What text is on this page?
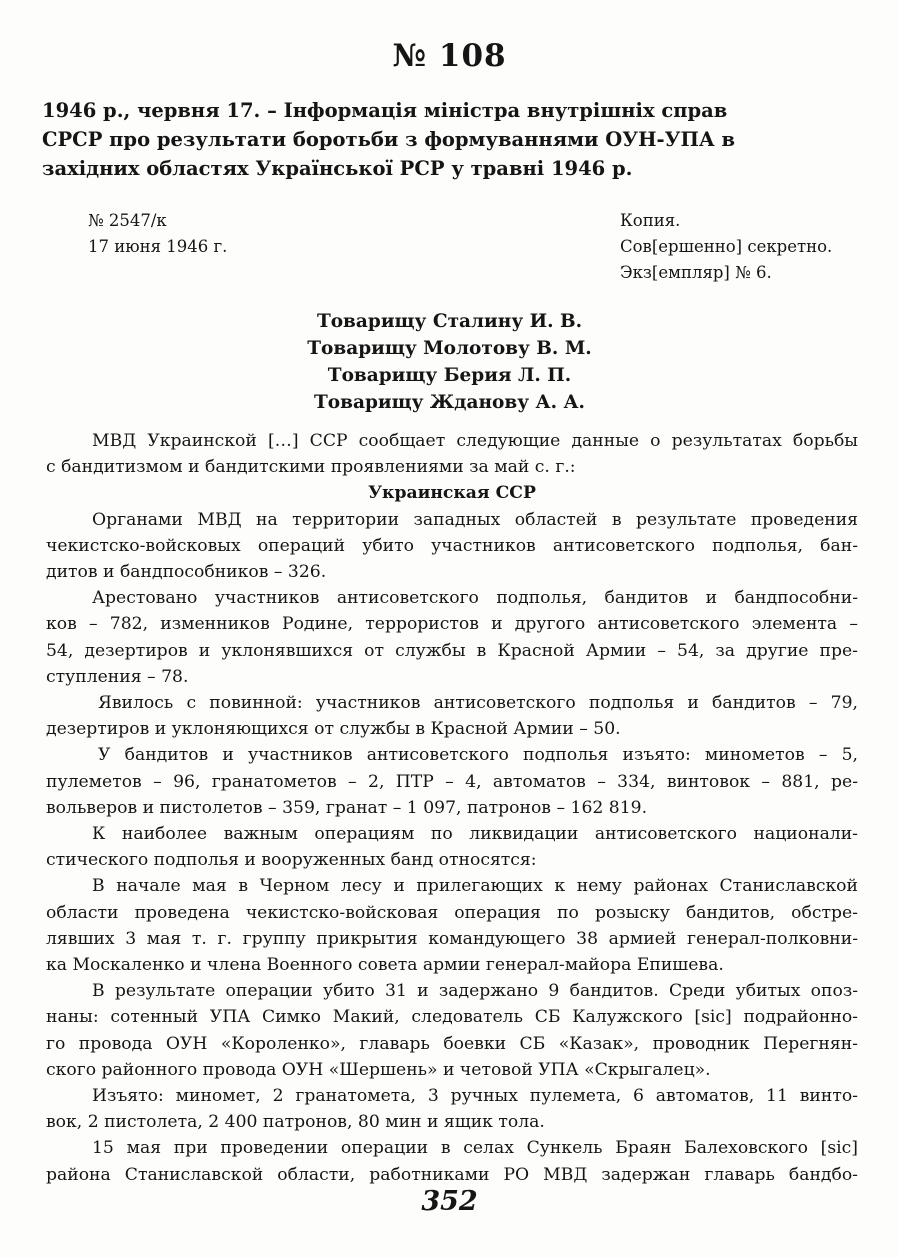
№ 108
1946 р., червня 17. – Інформація міністра внутрішніх справ
СРСР про результати боротьби з формуваннями ОУН-УПА в
західних областях Української РСР у травні 1946 р.
№ 2547/к
17 июня 1946 г.
Копия.
Сов[ершенно] секретно.
Экз[емпляр] № 6.
Товарищу Сталину И. В.
Товарищу Молотову В. М.
Товарищу Берия Л. П.
Товарищу Жданову А. А.
МВД Украинской […] ССР сообщает следующие данные о результатах борьбы
с бандитизмом и бандитскими проявлениями за май с. г.:
Украинская ССР
Органами МВД на территории западных областей в результате проведения
чекистско-войсковых операций убито участников антисоветского подполья, бан-
дитов и бандпособников – 326.
Арестовано участников антисоветского подполья, бандитов и бандпособни-
ков – 782, изменников Родине, террористов и другого антисоветского элемента –
54, дезертиров и уклонявшихся от службы в Красной Армии – 54, за другие пре-
ступления – 78.
Явилось с повинной: участников антисоветского подполья и бандитов – 79,
дезертиров и уклоняющихся от службы в Красной Армии – 50.
У бандитов и участников антисоветского подполья изъято: минометов – 5,
пулеметов – 96, гранатометов – 2, ПТР – 4, автоматов – 334, винтовок – 881, ре-
вольверов и пистолетов – 359, гранат – 1 097, патронов – 162 819.
К наиболее важным операциям по ликвидации антисоветского национали-
стического подполья и вооруженных банд относятся:
В начале мая в Черном лесу и прилегающих к нему районах Станиславской
области проведена чекистско-войсковая операция по розыску бандитов, обстре-
лявших 3 мая т. г. группу прикрытия командующего 38 армией генерал-полковни-
ка Москаленко и члена Военного совета армии генерал-майора Епишева.
В результате операции убито 31 и задержано 9 бандитов. Среди убитых опоз-
наны: сотенный УПА Симко Макий, следователь СБ Калужского [sic] подрайонно-
го провода ОУН «Короленко», главарь боевки СБ «Казак», проводник Перегнян-
ского районного провода ОУН «Шершень» и четовой УПА «Скрыгалец».
Изъято: миномет, 2 гранатомета, 3 ручных пулемета, 6 автоматов, 11 винто-
вок, 2 пистолета, 2 400 патронов, 80 мин и ящик тола.
15 мая при проведении операции в селах Сункель Браян Балеховского [sic]
района Станиславской области, работниками РО МВД задержан главарь бандбо-
352
